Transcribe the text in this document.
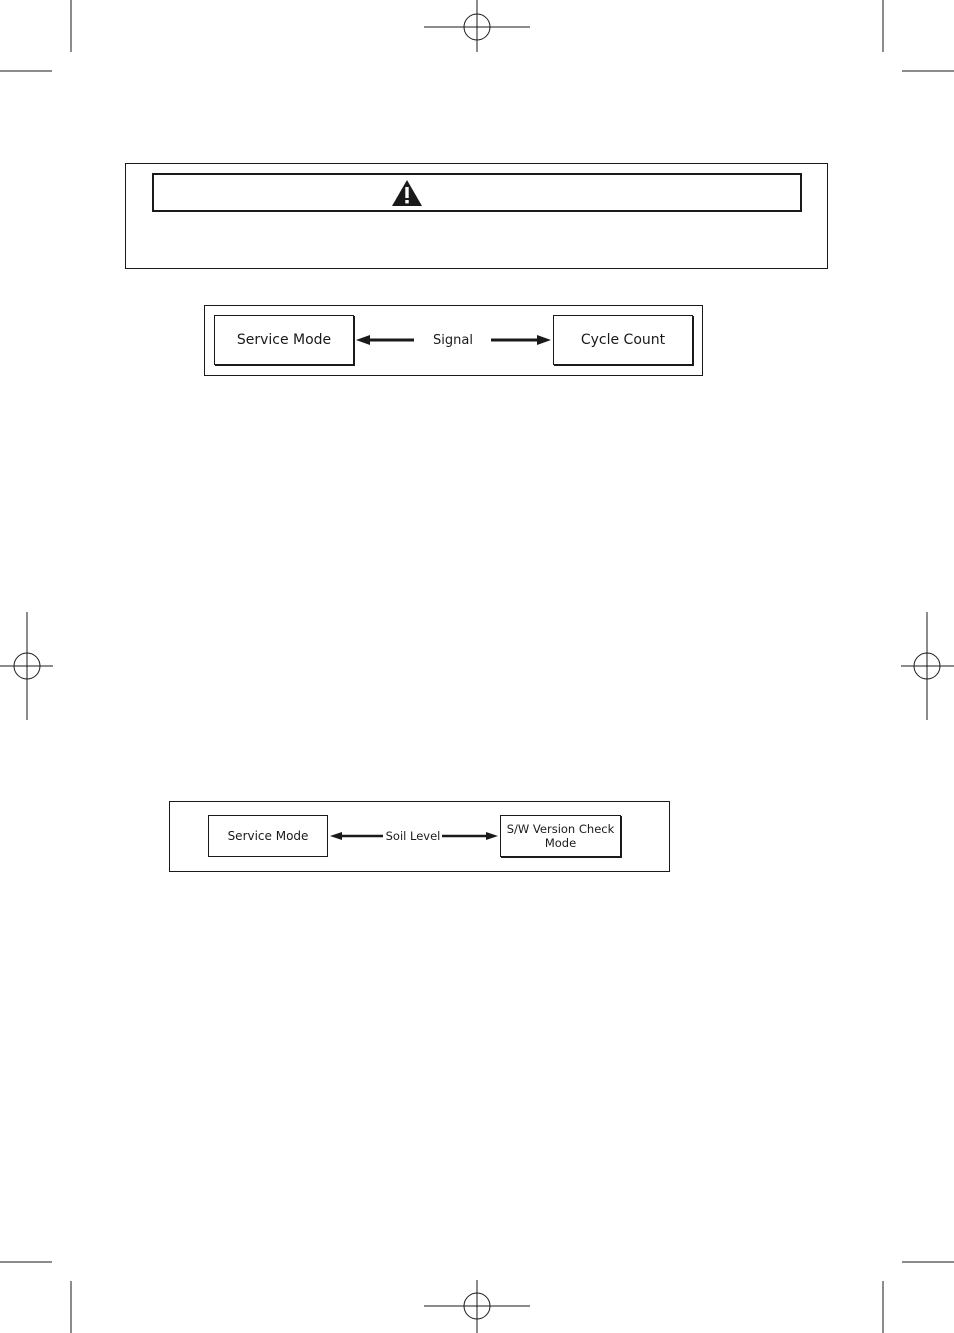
Service Mode	Signal	Cycle Count
Service Mode	Soil Level	S/W Version Check
Mode
